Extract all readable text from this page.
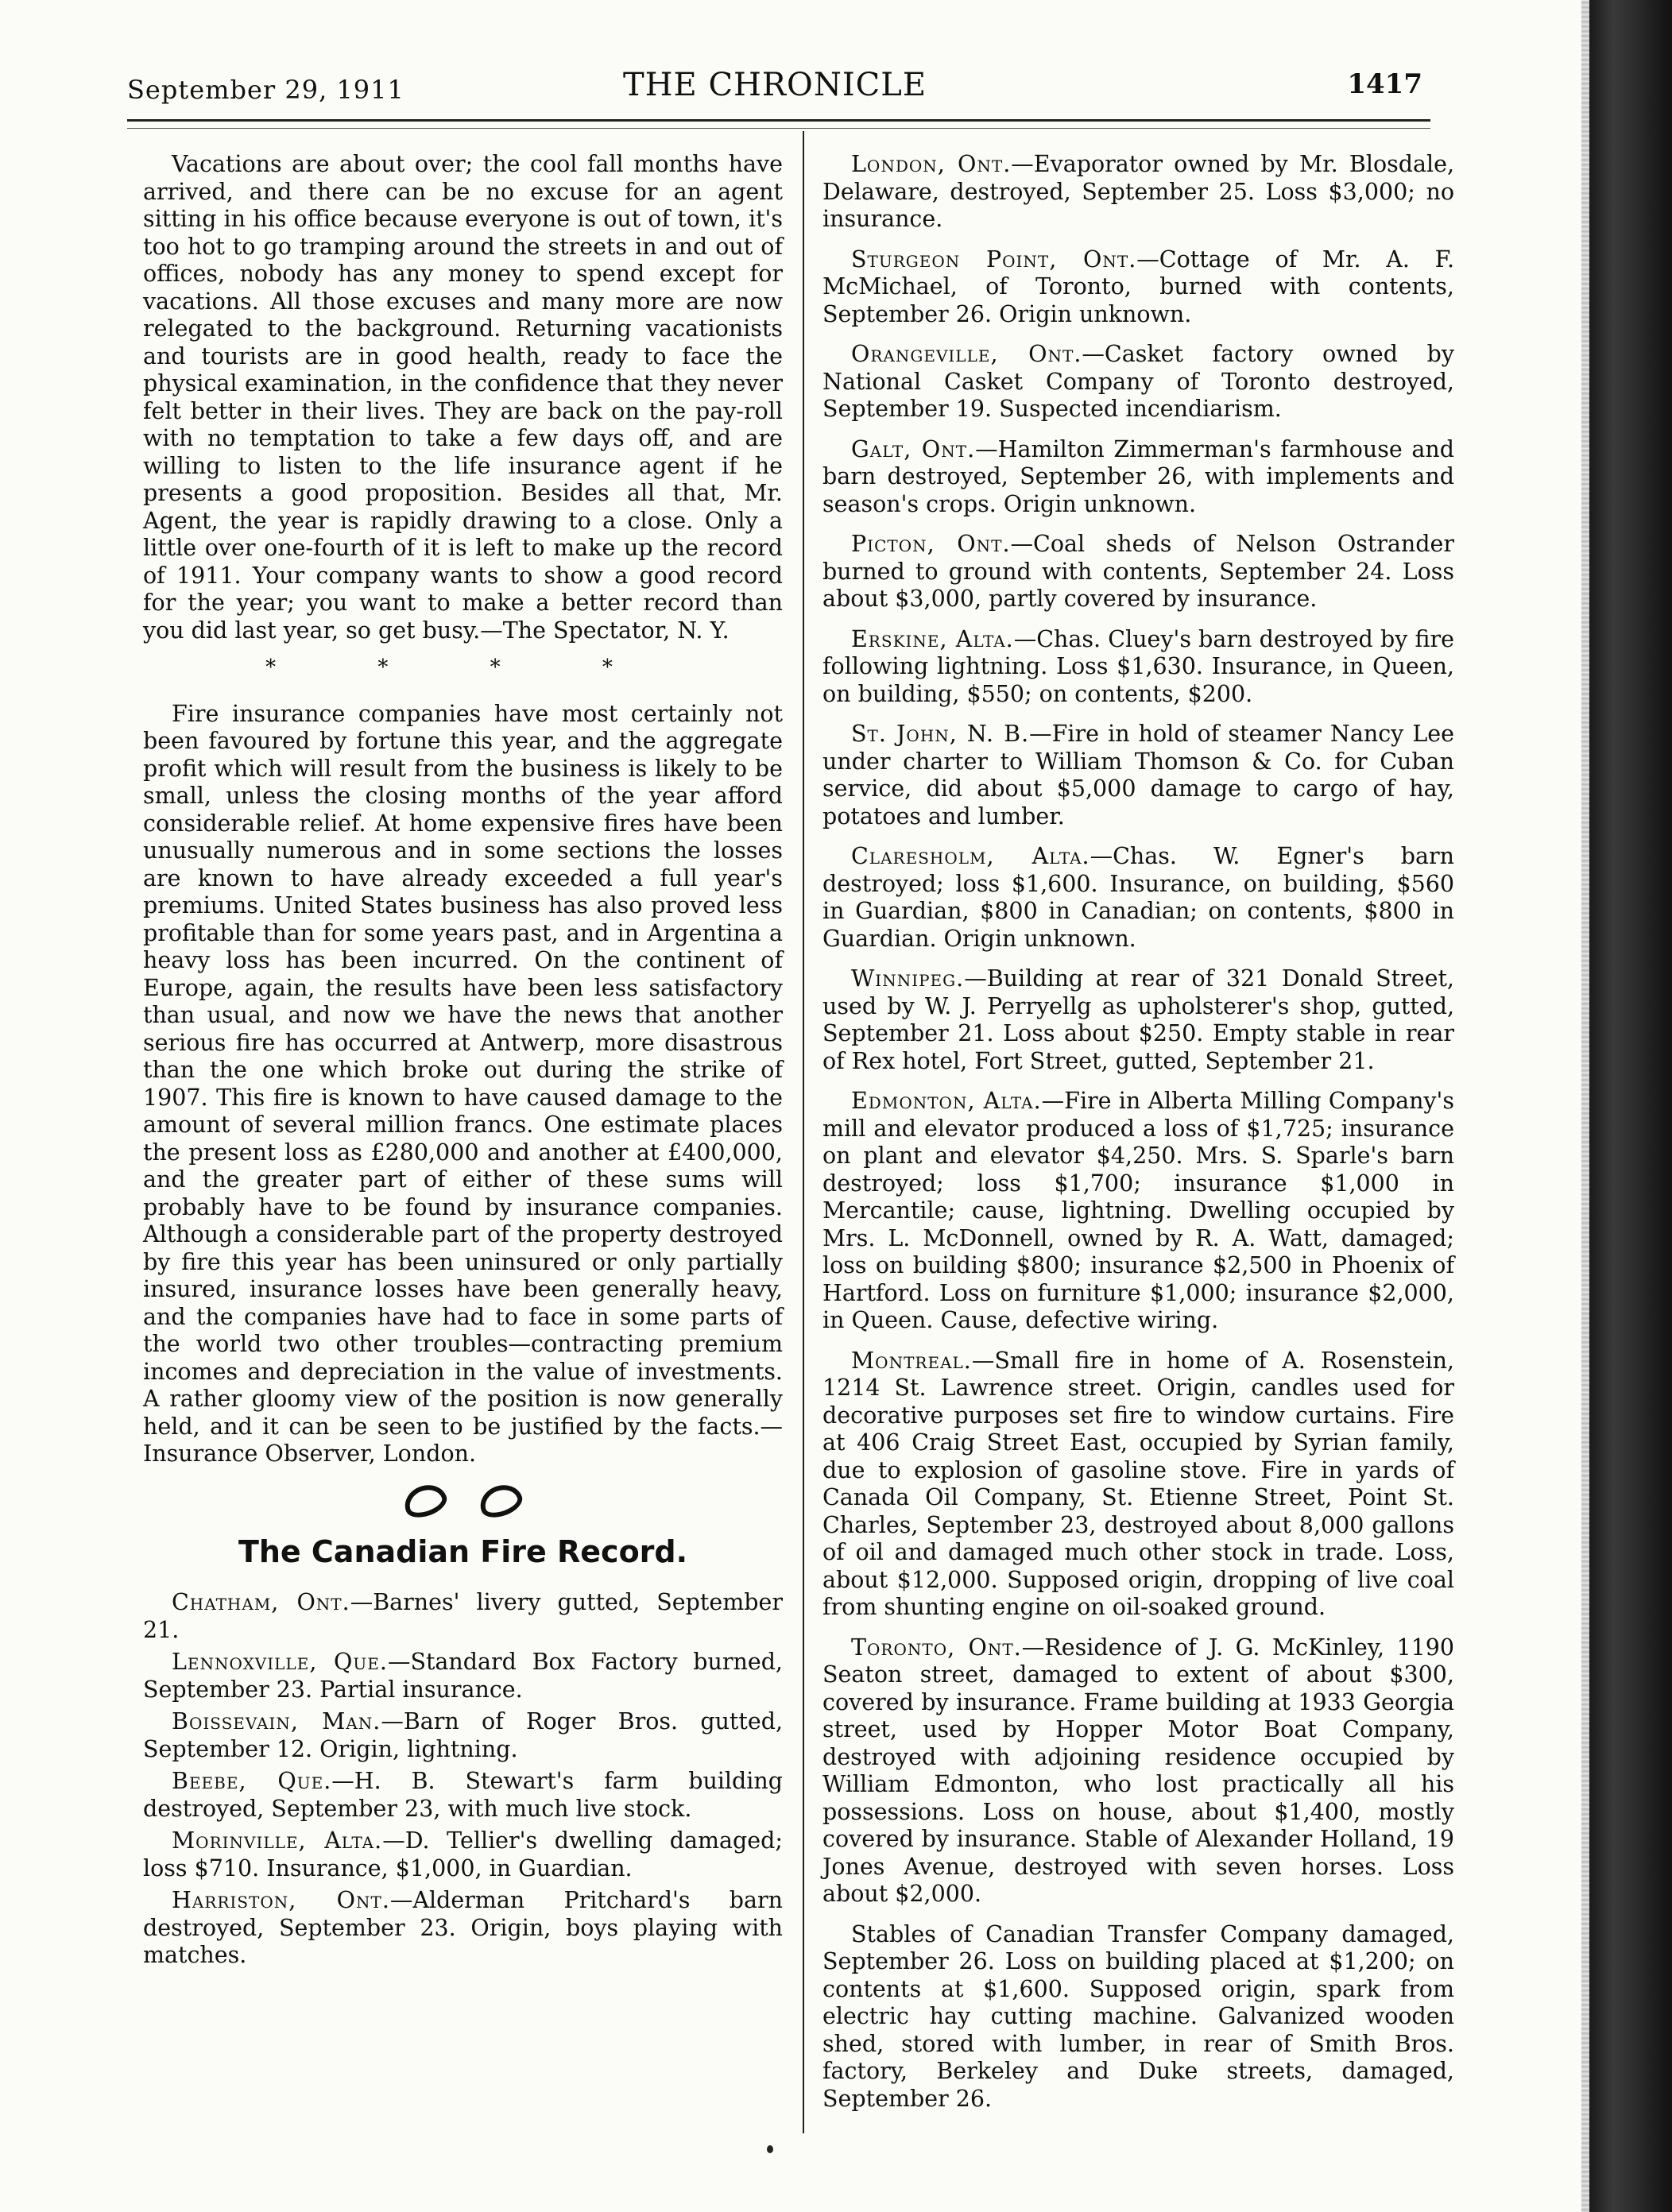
September 29, 1911	THE CHRONICLE	1417

Vacations are about over; the cool fall months have arrived, and there can be no excuse for an agent sitting in his office because everyone is out of town, it's too hot to go tramping around the streets in and out of offices, nobody has any money to spend except for vacations. All those excuses and many more are now relegated to the background. Returning vacationists and tourists are in good health, ready to face the physical examination, in the confidence that they never felt better in their lives. They are back on the pay-roll with no temptation to take a few days off, and are willing to listen to the life insurance agent if he presents a good proposition. Besides all that, Mr. Agent, the year is rapidly drawing to a close. Only a little over one-fourth of it is left to make up the record of 1911. Your company wants to show a good record for the year; you want to make a better record than you did last year, so get busy.—The Spectator, N. Y.

* * * *

Fire insurance companies have most certainly not been favoured by fortune this year, and the aggregate profit which will result from the business is likely to be small, unless the closing months of the year afford considerable relief. At home expensive fires have been unusually numerous and in some sections the losses are known to have already exceeded a full year's premiums. United States business has also proved less profitable than for some years past, and in Argentina a heavy loss has been incurred. On the continent of Europe, again, the results have been less satisfactory than usual, and now we have the news that another serious fire has occurred at Antwerp, more disastrous than the one which broke out during the strike of 1907. This fire is known to have caused damage to the amount of several million francs. One estimate places the present loss as £280,000 and another at £400,000, and the greater part of either of these sums will probably have to be found by insurance companies. Although a considerable part of the property destroyed by fire this year has been uninsured or only partially insured, insurance losses have been generally heavy, and the companies have had to face in some parts of the world two other troubles—contracting premium incomes and depreciation in the value of investments. A rather gloomy view of the position is now generally held, and it can be seen to be justified by the facts.—Insurance Observer, London.

The Canadian Fire Record.

Chatham, Ont.—Barnes' livery gutted, September 21.

Lennoxville, Que.—Standard Box Factory burned, September 23. Partial insurance.

Boissevain, Man.—Barn of Roger Bros. gutted, September 12. Origin, lightning.

Beebe, Que.—H. B. Stewart's farm building destroyed, September 23, with much live stock.

Morinville, Alta.—D. Tellier's dwelling damaged; loss $710. Insurance, $1,000, in Guardian.

Harriston, Ont.—Alderman Pritchard's barn destroyed, September 23. Origin, boys playing with matches.

London, Ont.—Evaporator owned by Mr. Blosdale, Delaware, destroyed, September 25. Loss $3,000; no insurance.

Sturgeon Point, Ont.—Cottage of Mr. A. F. McMichael, of Toronto, burned with contents, September 26. Origin unknown.

Orangeville, Ont.—Casket factory owned by National Casket Company of Toronto destroyed, September 19. Suspected incendiarism.

Galt, Ont.—Hamilton Zimmerman's farmhouse and barn destroyed, September 26, with implements and season's crops. Origin unknown.

Picton, Ont.—Coal sheds of Nelson Ostrander burned to ground with contents, September 24. Loss about $3,000, partly covered by insurance.

Erskine, Alta.—Chas. Cluey's barn destroyed by fire following lightning. Loss $1,630. Insurance, in Queen, on building, $550; on contents, $200.

St. John, N. B.—Fire in hold of steamer Nancy Lee under charter to William Thomson & Co. for Cuban service, did about $5,000 damage to cargo of hay, potatoes and lumber.

Claresholm, Alta.—Chas. W. Egner's barn destroyed; loss $1,600. Insurance, on building, $560 in Guardian, $800 in Canadian; on contents, $800 in Guardian. Origin unknown.

Winnipeg.—Building at rear of 321 Donald Street, used by W. J. Perryellg as upholsterer's shop, gutted, September 21. Loss about $250. Empty stable in rear of Rex hotel, Fort Street, gutted, September 21.

Edmonton, Alta.—Fire in Alberta Milling Company's mill and elevator produced a loss of $1,725; insurance on plant and elevator $4,250. Mrs. S. Sparle's barn destroyed; loss $1,700; insurance $1,000 in Mercantile; cause, lightning. Dwelling occupied by Mrs. L. McDonnell, owned by R. A. Watt, damaged; loss on building $800; insurance $2,500 in Phoenix of Hartford. Loss on furniture $1,000; insurance $2,000, in Queen. Cause, defective wiring.

Montreal.—Small fire in home of A. Rosenstein, 1214 St. Lawrence street. Origin, candles used for decorative purposes set fire to window curtains. Fire at 406 Craig Street East, occupied by Syrian family, due to explosion of gasoline stove. Fire in yards of Canada Oil Company, St. Etienne Street, Point St. Charles, September 23, destroyed about 8,000 gallons of oil and damaged much other stock in trade. Loss, about $12,000. Supposed origin, dropping of live coal from shunting engine on oil-soaked ground.

Toronto, Ont.—Residence of J. G. McKinley, 1190 Seaton street, damaged to extent of about $300, covered by insurance. Frame building at 1933 Georgia street, used by Hopper Motor Boat Company, destroyed with adjoining residence occupied by William Edmonton, who lost practically all his possessions. Loss on house, about $1,400, mostly covered by insurance. Stable of Alexander Holland, 19 Jones Avenue, destroyed with seven horses. Loss about $2,000.

Stables of Canadian Transfer Company damaged, September 26. Loss on building placed at $1,200; on contents at $1,600. Supposed origin, spark from electric hay cutting machine. Galvanized wooden shed, stored with lumber, in rear of Smith Bros. factory, Berkeley and Duke streets, damaged, September 26.
